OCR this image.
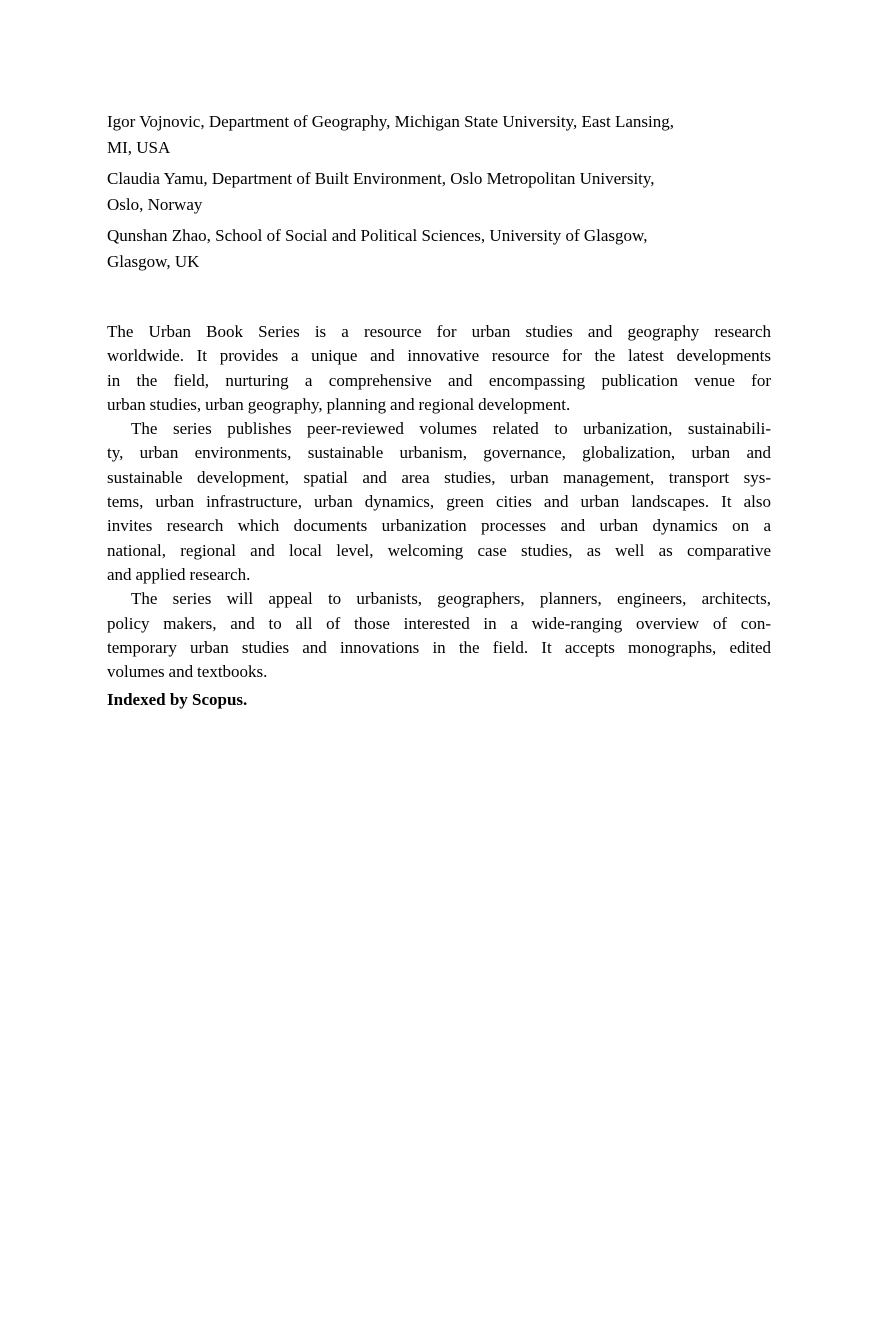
Igor Vojnovic, Department of Geography, Michigan State University, East Lansing,
MI, USA
Claudia Yamu, Department of Built Environment, Oslo Metropolitan University,
Oslo, Norway
Qunshan Zhao, School of Social and Political Sciences, University of Glasgow,
Glasgow, UK
The Urban Book Series is a resource for urban studies and geography research
worldwide. It provides a unique and innovative resource for the latest developments
in the field, nurturing a comprehensive and encompassing publication venue for
urban studies, urban geography, planning and regional development.
The series publishes peer-reviewed volumes related to urbanization, sustainabili-
ty, urban environments, sustainable urbanism, governance, globalization, urban and
sustainable development, spatial and area studies, urban management, transport sys-
tems, urban infrastructure, urban dynamics, green cities and urban landscapes. It also
invites research which documents urbanization processes and urban dynamics on a
national, regional and local level, welcoming case studies, as well as comparative
and applied research.
The series will appeal to urbanists, geographers, planners, engineers, architects,
policy makers, and to all of those interested in a wide-ranging overview of con-
temporary urban studies and innovations in the field. It accepts monographs, edited
volumes and textbooks.

Indexed by Scopus.
